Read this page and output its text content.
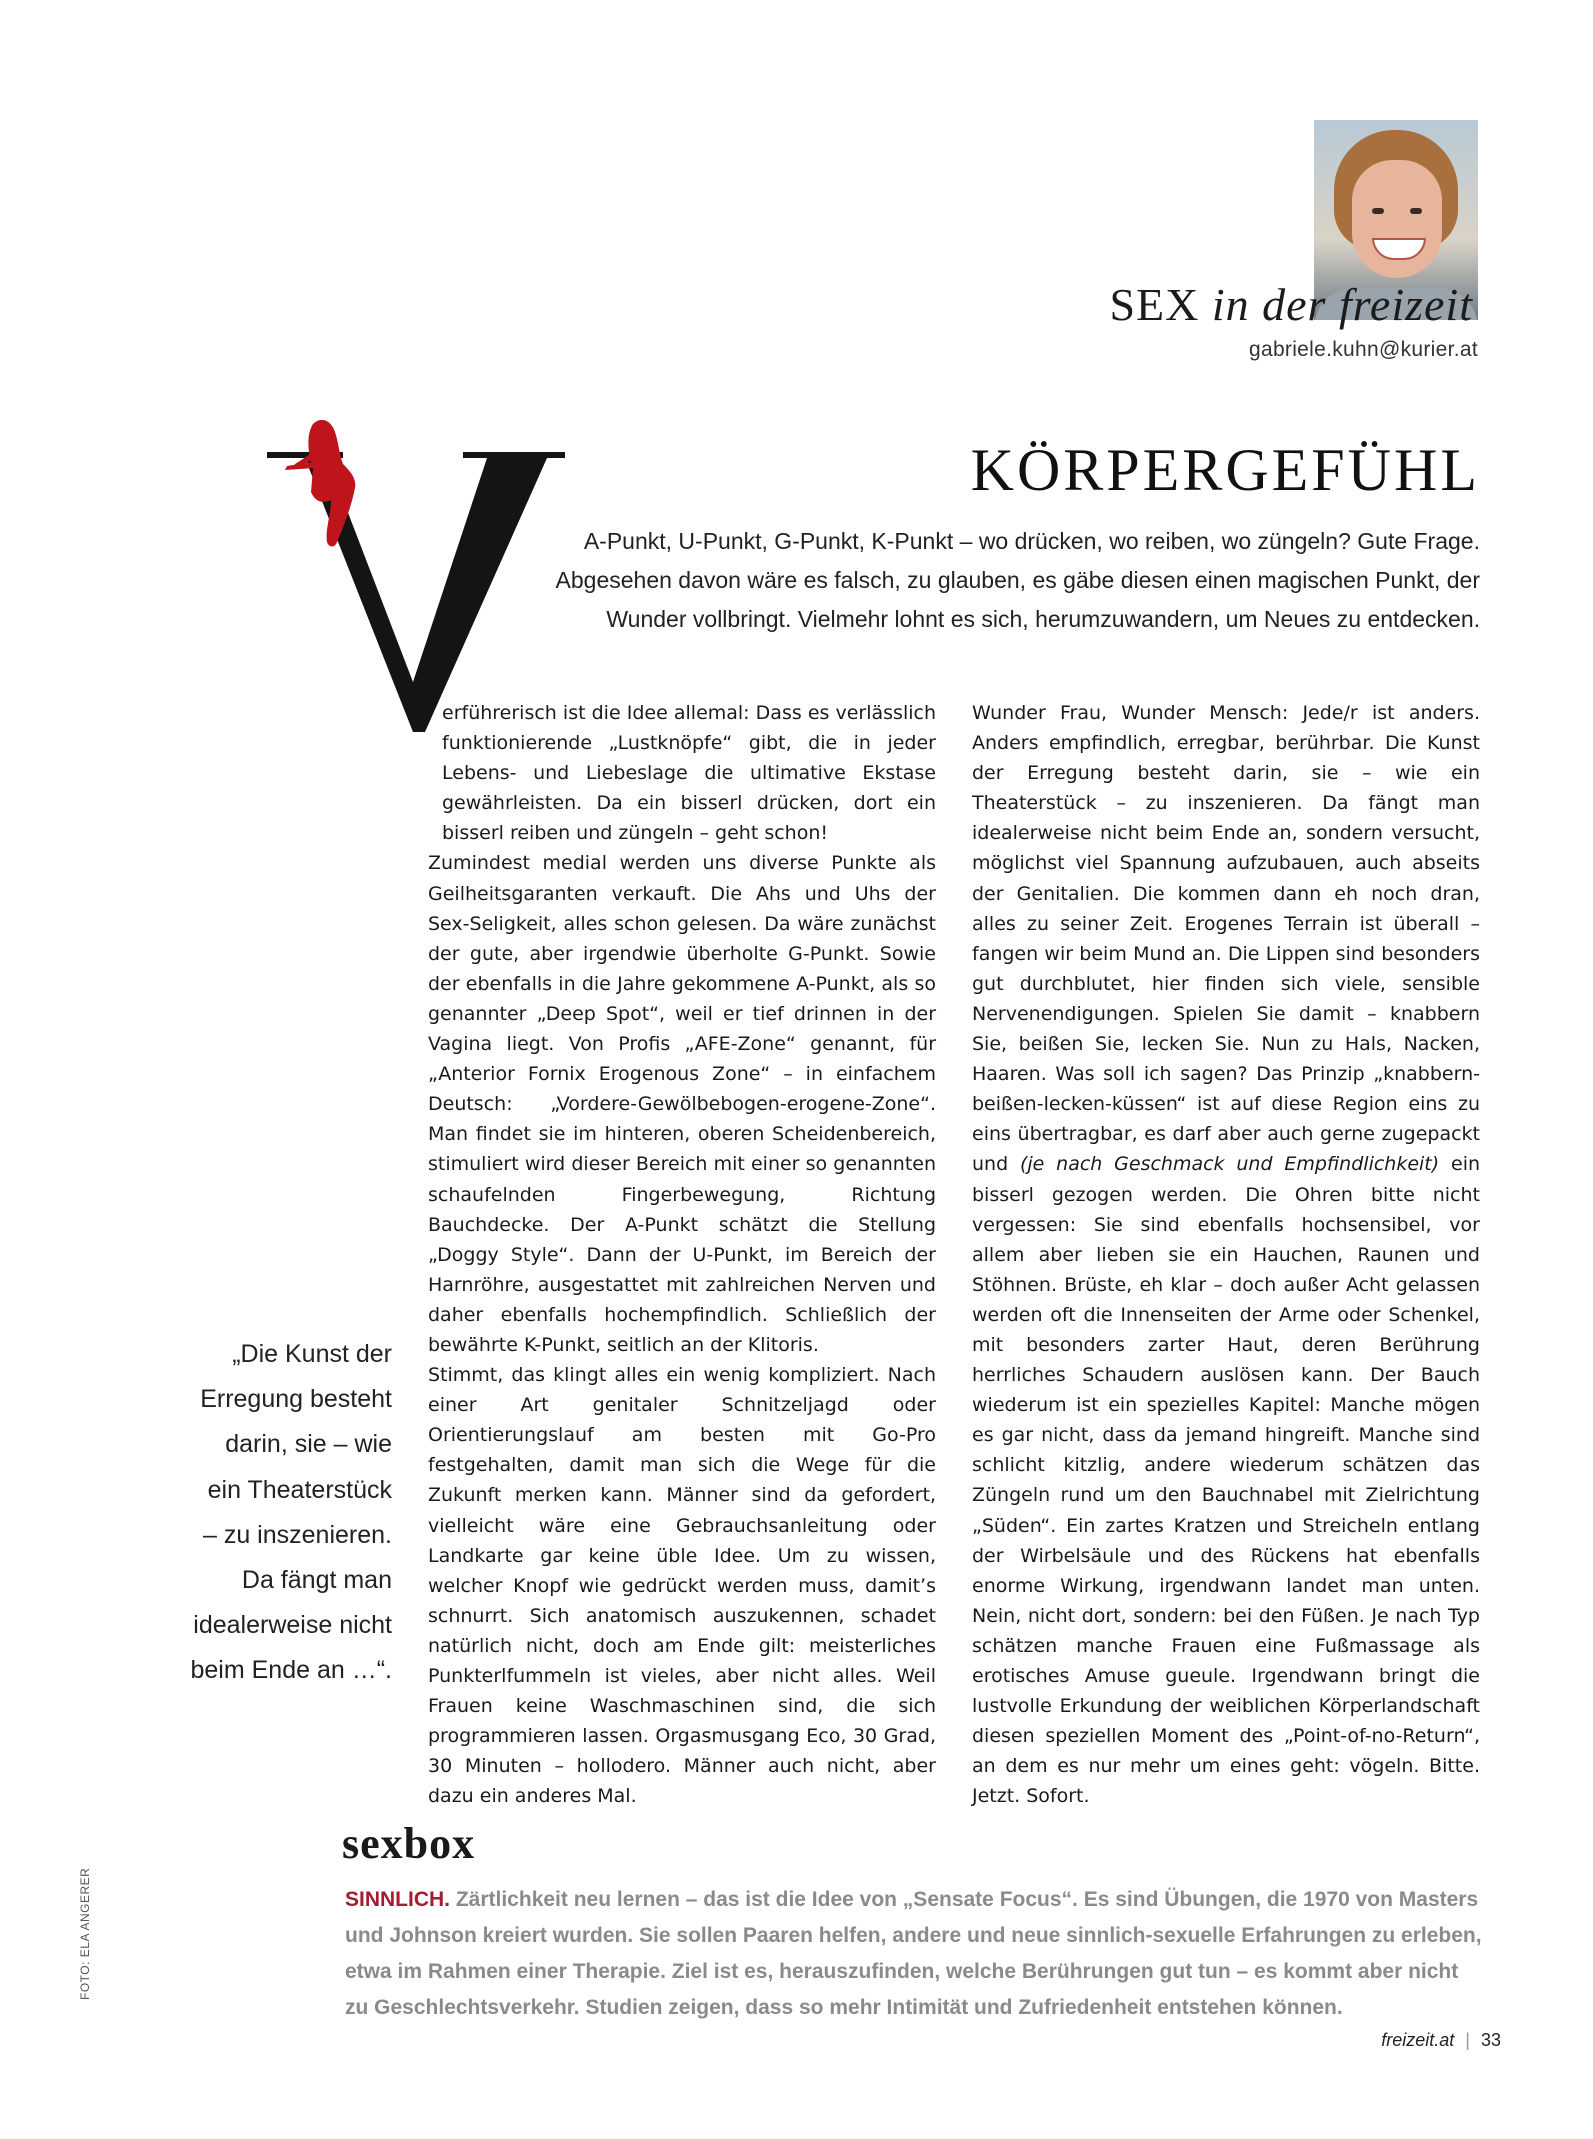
SEX in der freizeit
gabriele.kuhn@kurier.at
KÖRPERGEFÜHL
A-Punkt, U-Punkt, G-Punkt, K-Punkt – wo drücken, wo reiben, wo züngeln? Gute Frage. Abgesehen davon wäre es falsch, zu glauben, es gäbe diesen einen magischen Punkt, der Wunder vollbringt. Vielmehr lohnt es sich, herumzuwandern, um Neues zu entdecken.

erführerisch ist die Idee allemal: Dass es verlässlich funktionierende „Lustknöpfe“ gibt, die in jeder Lebens- und Liebeslage die ultimative Ekstase gewährleisten. Da ein bisserl drücken, dort ein bisserl reiben und züngeln – geht schon!

Zumindest medial werden uns diverse Punkte als Geilheitsgaranten verkauft. Die Ahs und Uhs der Sex-Seligkeit, alles schon gelesen. Da wäre zunächst der gute, aber irgendwie überholte G-Punkt. Sowie der ebenfalls in die Jahre gekommene A-Punkt, als so genannter „Deep Spot“, weil er tief drinnen in der Vagina liegt. Von Profis „AFE-Zone“ genannt, für „Anterior Fornix Erogenous Zone“ – in einfachem Deutsch: „Vordere-Gewölbebogen-erogene-Zone“. Man findet sie im hinteren, oberen Scheidenbereich, stimuliert wird dieser Bereich mit einer so genannten schaufelnden Fingerbewegung, Richtung Bauchdecke. Der A-Punkt schätzt die Stellung „Doggy Style“. Dann der U-Punkt, im Bereich der Harnröhre, ausgestattet mit zahlreichen Nerven und daher ebenfalls hochempfindlich. Schließlich der bewährte K-Punkt, seitlich an der Klitoris.

Stimmt, das klingt alles ein wenig kompliziert. Nach einer Art genitaler Schnitzeljagd oder Orientierungslauf am besten mit Go-Pro festgehalten, damit man sich die Wege für die Zukunft merken kann. Männer sind da gefordert, vielleicht wäre eine Gebrauchsanleitung oder Landkarte gar keine üble Idee. Um zu wissen, welcher Knopf wie gedrückt werden muss, damit’s schnurrt. Sich anatomisch auszukennen, schadet natürlich nicht, doch am Ende gilt: meisterliches Punkterlfummeln ist vieles, aber nicht alles. Weil Frauen keine Waschmaschinen sind, die sich programmieren lassen. Orgasmusgang Eco, 30 Grad, 30 Minuten – hollodero. Männer auch nicht, aber dazu ein anderes Mal.

Wunder Frau, Wunder Mensch: Jede/r ist anders. Anders empfindlich, erregbar, berührbar. Die Kunst der Erregung besteht darin, sie – wie ein Theaterstück – zu inszenieren. Da fängt man idealerweise nicht beim Ende an, sondern versucht, möglichst viel Spannung aufzubauen, auch abseits der Genitalien. Die kommen dann eh noch dran, alles zu seiner Zeit. Erogenes Terrain ist überall – fangen wir beim Mund an. Die Lippen sind besonders gut durchblutet, hier finden sich viele, sensible Nervenendigungen. Spielen Sie damit – knabbern Sie, beißen Sie, lecken Sie. Nun zu Hals, Nacken, Haaren. Was soll ich sagen? Das Prinzip „knabbern-beißen-lecken-küssen“ ist auf diese Region eins zu eins übertragbar, es darf aber auch gerne zugepackt und (je nach Geschmack und Empfindlichkeit) ein bisserl gezogen werden. Die Ohren bitte nicht vergessen: Sie sind ebenfalls hochsensibel, vor allem aber lieben sie ein Hauchen, Raunen und Stöhnen. Brüste, eh klar – doch außer Acht gelassen werden oft die Innenseiten der Arme oder Schenkel, mit besonders zarter Haut, deren Berührung herrliches Schaudern auslösen kann. Der Bauch wiederum ist ein spezielles Kapitel: Manche mögen es gar nicht, dass da jemand hingreift. Manche sind schlicht kitzlig, andere wiederum schätzen das Züngeln rund um den Bauchnabel mit Zielrichtung „Süden“. Ein zartes Kratzen und Streicheln entlang der Wirbelsäule und des Rückens hat ebenfalls enorme Wirkung, irgendwann landet man unten. Nein, nicht dort, sondern: bei den Füßen. Je nach Typ schätzen manche Frauen eine Fußmassage als erotisches Amuse gueule. Irgendwann bringt die lustvolle Erkundung der weiblichen Körperlandschaft diesen speziellen Moment des „Point-of-no-Return“, an dem es nur mehr um eines geht: vögeln. Bitte. Jetzt. Sofort.

„Die Kunst der Erregung besteht darin, sie – wie ein Theaterstück – zu inszenieren. Da fängt man idealerweise nicht beim Ende an …“.
sexbox
SINNLICH. Zärtlichkeit neu lernen – das ist die Idee von „Sensate Focus“. Es sind Übungen, die 1970 von Masters und Johnson kreiert wurden. Sie sollen Paaren helfen, andere und neue sinnlich-sexuelle Erfahrungen zu erleben, etwa im Rahmen einer Therapie. Ziel ist es, herauszufinden, welche Berührungen gut tun – es kommt aber nicht zu Geschlechtsverkehr. Studien zeigen, dass so mehr Intimität und Zufriedenheit entstehen können.
FOTO: ELA ANGERER
freizeit.at | 33
